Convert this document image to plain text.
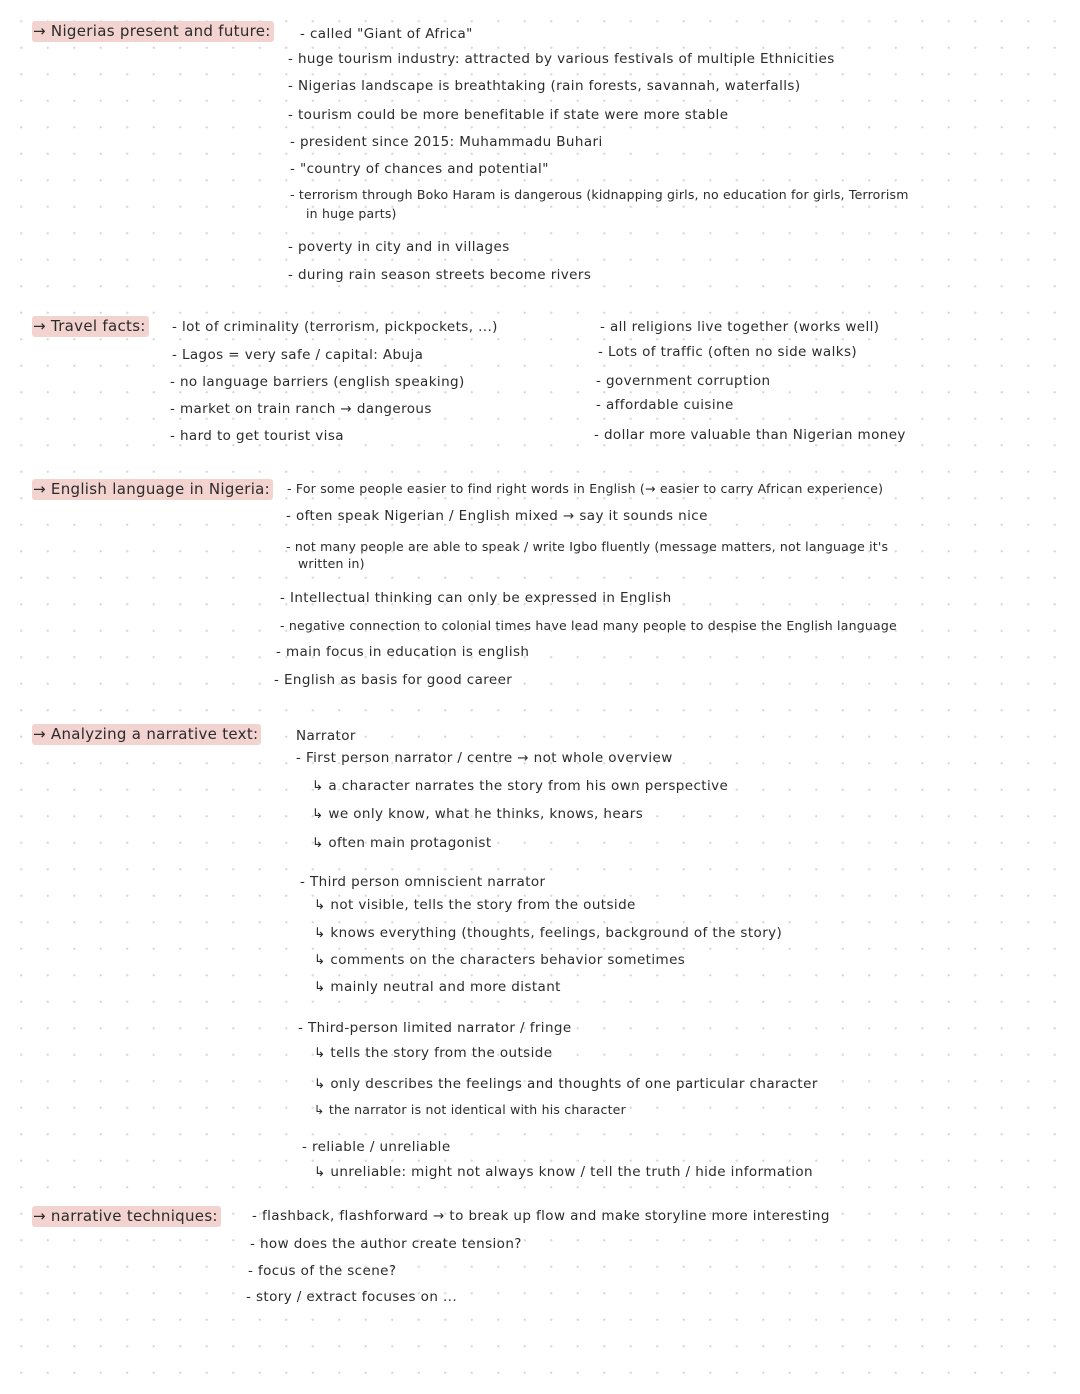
→ Nigerias present and future: - called "Giant of Africa"
- huge tourism industry: attracted by various festivals of multiple Ethnicities
- Nigerias landscape is breathtaking (rain forests, savannah, waterfalls)
- tourism could be more benefitable if state were more stable
- president since 2015: Muhammadu Buhari
- "country of chances and potential"
- terrorism through Boko Haram is dangerous (kidnapping girls, no education for girls, Terrorism
in huge parts)
- poverty in city and in villages
- during rain season streets become rivers
→ Travel facts: - lot of criminality (terrorism, pickpockets, ...)
- Lagos = very safe / capital: Abuja
- no language barriers (english speaking)
- market on train ranch → dangerous
- hard to get tourist visa
- all religions live together (works well)
- Lots of traffic (often no side walks)
- government corruption
- affordable cuisine
- dollar more valuable than Nigerian money
→ English language in Nigeria: - For some people easier to find right words in English (→ easier to carry African experience)
- often speak Nigerian / English mixed → say it sounds nice
- not many people are able to speak / write Igbo fluently (message matters, not language it's
written in)
- Intellectual thinking can only be expressed in English
- negative connection to colonial times have lead many people to despise the English language
- main focus in education is english
- English as basis for good career
→ Analyzing a narrative text:	Narrator
- First person narrator / centre → not whole overview
↳ a character narrates the story from his own perspective
↳ we only know, what he thinks, knows, hears
↳ often main protagonist
- Third person omniscient narrator
↳ not visible, tells the story from the outside
↳ knows everything (thoughts, feelings, background of the story)
↳ comments on the characters behavior sometimes
↳ mainly neutral and more distant
- Third-person limited narrator / fringe
↳ tells the story from the outside
↳ only describes the feelings and thoughts of one particular character
↳ the narrator is not identical with his character
- reliable / unreliable
↳ unreliable: might not always know / tell the truth / hide information
→ narrative techniques:	- flashback, flashforward → to break up flow and make storyline more interesting
- how does the author create tension?
- focus of the scene?
- story / extract focuses on ...
